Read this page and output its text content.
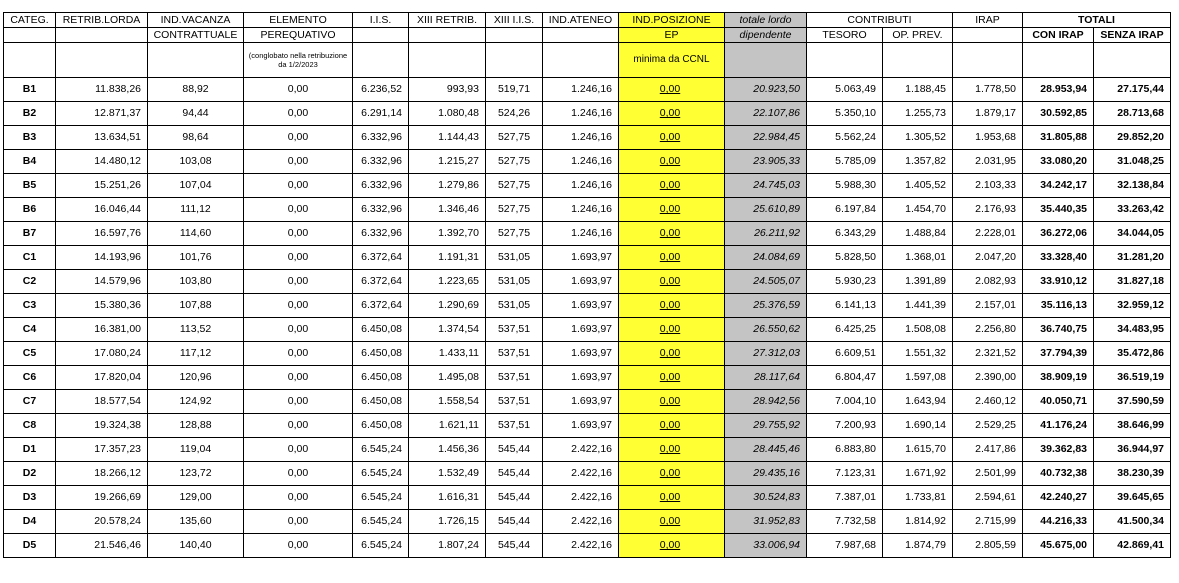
CATEG.	RETRIB.LORDA	IND.VACANZA	ELEMENTO	I.I.S.	XIII RETRIB.	XIII I.I.S.	IND.ATENEO	IND.POSIZIONE	totale lordo	CONTRIBUTI		IRAP	TOTALI	
		CONTRATTUALE	PEREQUATIVO					EP	dipendente	TESORO	OP. PREV.		CON IRAP	SENZA IRAP
			(conglobato nella retribuzione da 1/2/2023					minima da CCNL						
B1	11.838,26	88,92	0,00	6.236,52	993,93	519,71	1.246,16	0,00	20.923,50	5.063,49	1.188,45	1.778,50	28.953,94	27.175,44
B2	12.871,37	94,44	0,00	6.291,14	1.080,48	524,26	1.246,16	0,00	22.107,86	5.350,10	1.255,73	1.879,17	30.592,85	28.713,68
B3	13.634,51	98,64	0,00	6.332,96	1.144,43	527,75	1.246,16	0,00	22.984,45	5.562,24	1.305,52	1.953,68	31.805,88	29.852,20
B4	14.480,12	103,08	0,00	6.332,96	1.215,27	527,75	1.246,16	0,00	23.905,33	5.785,09	1.357,82	2.031,95	33.080,20	31.048,25
B5	15.251,26	107,04	0,00	6.332,96	1.279,86	527,75	1.246,16	0,00	24.745,03	5.988,30	1.405,52	2.103,33	34.242,17	32.138,84
B6	16.046,44	111,12	0,00	6.332,96	1.346,46	527,75	1.246,16	0,00	25.610,89	6.197,84	1.454,70	2.176,93	35.440,35	33.263,42
B7	16.597,76	114,60	0,00	6.332,96	1.392,70	527,75	1.246,16	0,00	26.211,92	6.343,29	1.488,84	2.228,01	36.272,06	34.044,05
C1	14.193,96	101,76	0,00	6.372,64	1.191,31	531,05	1.693,97	0,00	24.084,69	5.828,50	1.368,01	2.047,20	33.328,40	31.281,20
C2	14.579,96	103,80	0,00	6.372,64	1.223,65	531,05	1.693,97	0,00	24.505,07	5.930,23	1.391,89	2.082,93	33.910,12	31.827,18
C3	15.380,36	107,88	0,00	6.372,64	1.290,69	531,05	1.693,97	0,00	25.376,59	6.141,13	1.441,39	2.157,01	35.116,13	32.959,12
C4	16.381,00	113,52	0,00	6.450,08	1.374,54	537,51	1.693,97	0,00	26.550,62	6.425,25	1.508,08	2.256,80	36.740,75	34.483,95
C5	17.080,24	117,12	0,00	6.450,08	1.433,11	537,51	1.693,97	0,00	27.312,03	6.609,51	1.551,32	2.321,52	37.794,39	35.472,86
C6	17.820,04	120,96	0,00	6.450,08	1.495,08	537,51	1.693,97	0,00	28.117,64	6.804,47	1.597,08	2.390,00	38.909,19	36.519,19
C7	18.577,54	124,92	0,00	6.450,08	1.558,54	537,51	1.693,97	0,00	28.942,56	7.004,10	1.643,94	2.460,12	40.050,71	37.590,59
C8	19.324,38	128,88	0,00	6.450,08	1.621,11	537,51	1.693,97	0,00	29.755,92	7.200,93	1.690,14	2.529,25	41.176,24	38.646,99
D1	17.357,23	119,04	0,00	6.545,24	1.456,36	545,44	2.422,16	0,00	28.445,46	6.883,80	1.615,70	2.417,86	39.362,83	36.944,97
D2	18.266,12	123,72	0,00	6.545,24	1.532,49	545,44	2.422,16	0,00	29.435,16	7.123,31	1.671,92	2.501,99	40.732,38	38.230,39
D3	19.266,69	129,00	0,00	6.545,24	1.616,31	545,44	2.422,16	0,00	30.524,83	7.387,01	1.733,81	2.594,61	42.240,27	39.645,65
D4	20.578,24	135,60	0,00	6.545,24	1.726,15	545,44	2.422,16	0,00	31.952,83	7.732,58	1.814,92	2.715,99	44.216,33	41.500,34
D5	21.546,46	140,40	0,00	6.545,24	1.807,24	545,44	2.422,16	0,00	33.006,94	7.987,68	1.874,79	2.805,59	45.675,00	42.869,41
